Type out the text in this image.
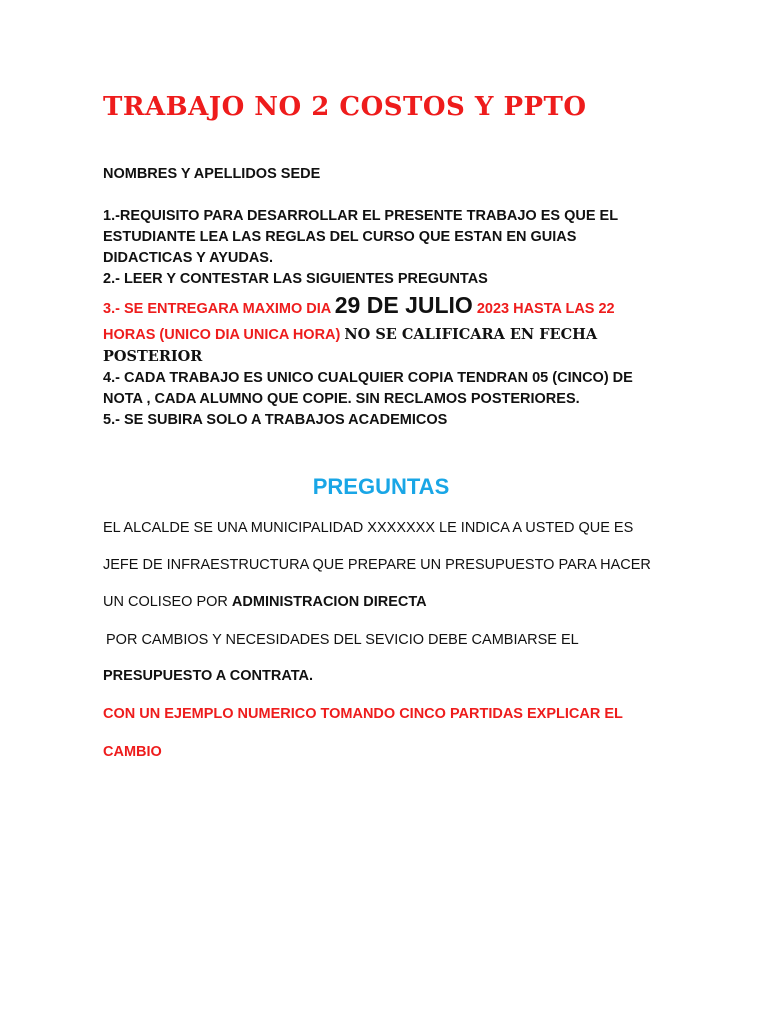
TRABAJO NO 2 COSTOS Y PPTO
NOMBRES Y APELLIDOS SEDE

1.-REQUISITO PARA DESARROLLAR EL PRESENTE TRABAJO ES QUE EL ESTUDIANTE LEA LAS REGLAS DEL CURSO QUE ESTAN EN GUIAS DIDACTICAS Y AYUDAS.

2.- LEER Y CONTESTAR LAS SIGUIENTES PREGUNTAS

3.- SE ENTREGARA MAXIMO DIA 29 DE JULIO 2023 HASTA LAS 22

HORAS (UNICO DIA UNICA HORA) NO SE CALIFICARA EN FECHA

POSTERIOR

4.- CADA TRABAJO ES UNICO CUALQUIER COPIA TENDRAN 05 (CINCO) DE NOTA , CADA ALUMNO QUE COPIE. SIN RECLAMOS POSTERIORES.

5.- SE SUBIRA SOLO A TRABAJOS ACADEMICOS

PREGUNTAS
EL ALCALDE SE UNA MUNICIPALIDAD XXXXXXX LE INDICA A USTED QUE ES
JEFE DE INFRAESTRUCTURA QUE PREPARE UN PRESUPUESTO PARA HACER
UN COLISEO POR ADMINISTRACION DIRECTA
POR CAMBIOS Y NECESIDADES DEL SEVICIO DEBE CAMBIARSE EL
PRESUPUESTO A CONTRATA.
CON UN EJEMPLO NUMERICO TOMANDO CINCO PARTIDAS EXPLICAR EL
CAMBIO
